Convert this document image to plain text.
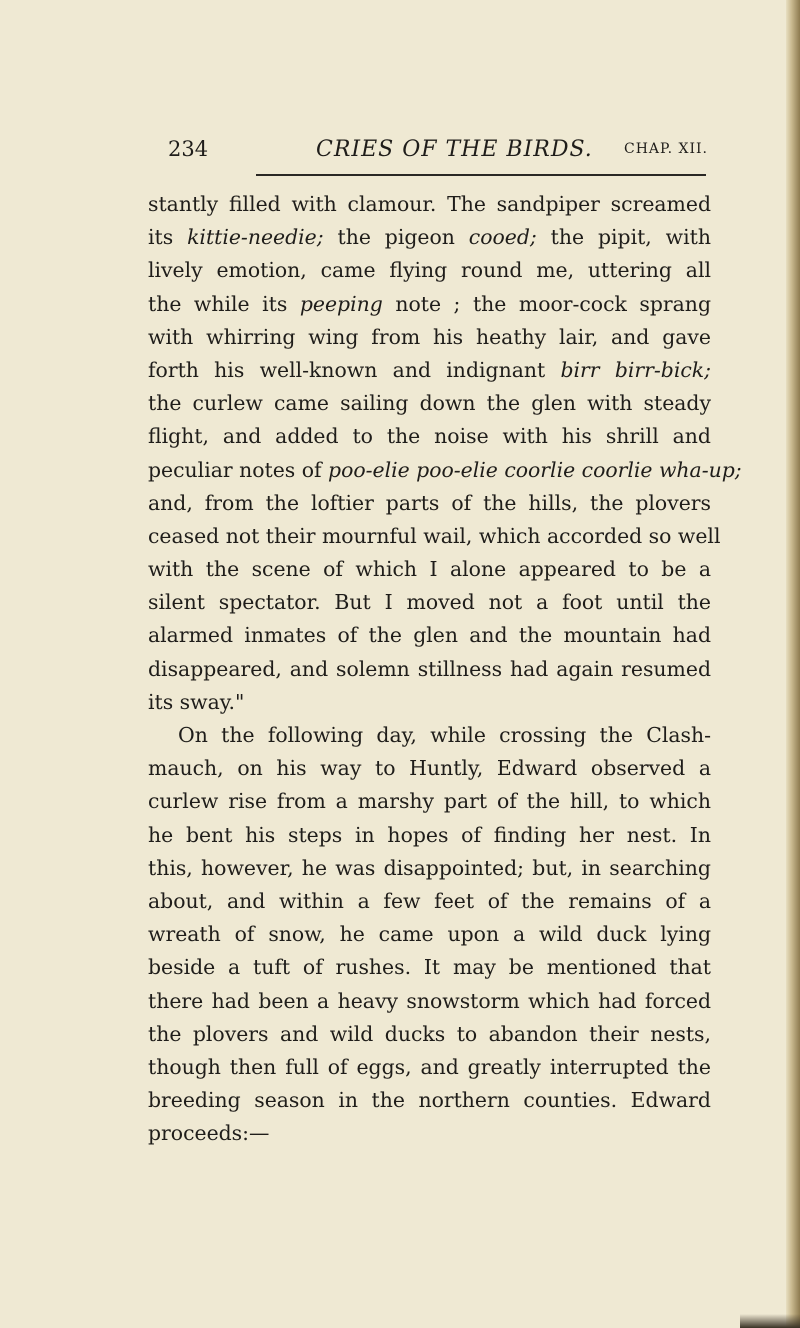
234	CRIES OF THE BIRDS. CHAP. XII.
stantly filled with clamour. The sandpiper screamed
its kittie-needie; the pigeon cooed; the pipit, with
lively emotion, came flying round me, uttering all
the while its peeping note ; the moor-cock sprang
with whirring wing from his heathy lair, and gave
forth his well-known and indignant birr birr-bick;
the curlew came sailing down the glen with steady
flight, and added to the noise with his shrill and
peculiar notes of poo-elie poo-elie coorlie coorlie wha-up;
and, from the loftier parts of the hills, the plovers
ceased not their mournful wail, which accorded so well
with the scene of which I alone appeared to be a
silent spectator. But I moved not a foot until the
alarmed inmates of the glen and the mountain had
disappeared, and solemn stillness had again resumed
its sway."
On the following day, while crossing the Clash-
mauch, on his way to Huntly, Edward observed a
curlew rise from a marshy part of the hill, to which
he bent his steps in hopes of finding her nest. In
this, however, he was disappointed; but, in searching
about, and within a few feet of the remains of a
wreath of snow, he came upon a wild duck lying
beside a tuft of rushes. It may be mentioned that
there had been a heavy snowstorm which had forced
the plovers and wild ducks to abandon their nests,
though then full of eggs, and greatly interrupted the
breeding season in the northern counties. Edward
proceeds:—
